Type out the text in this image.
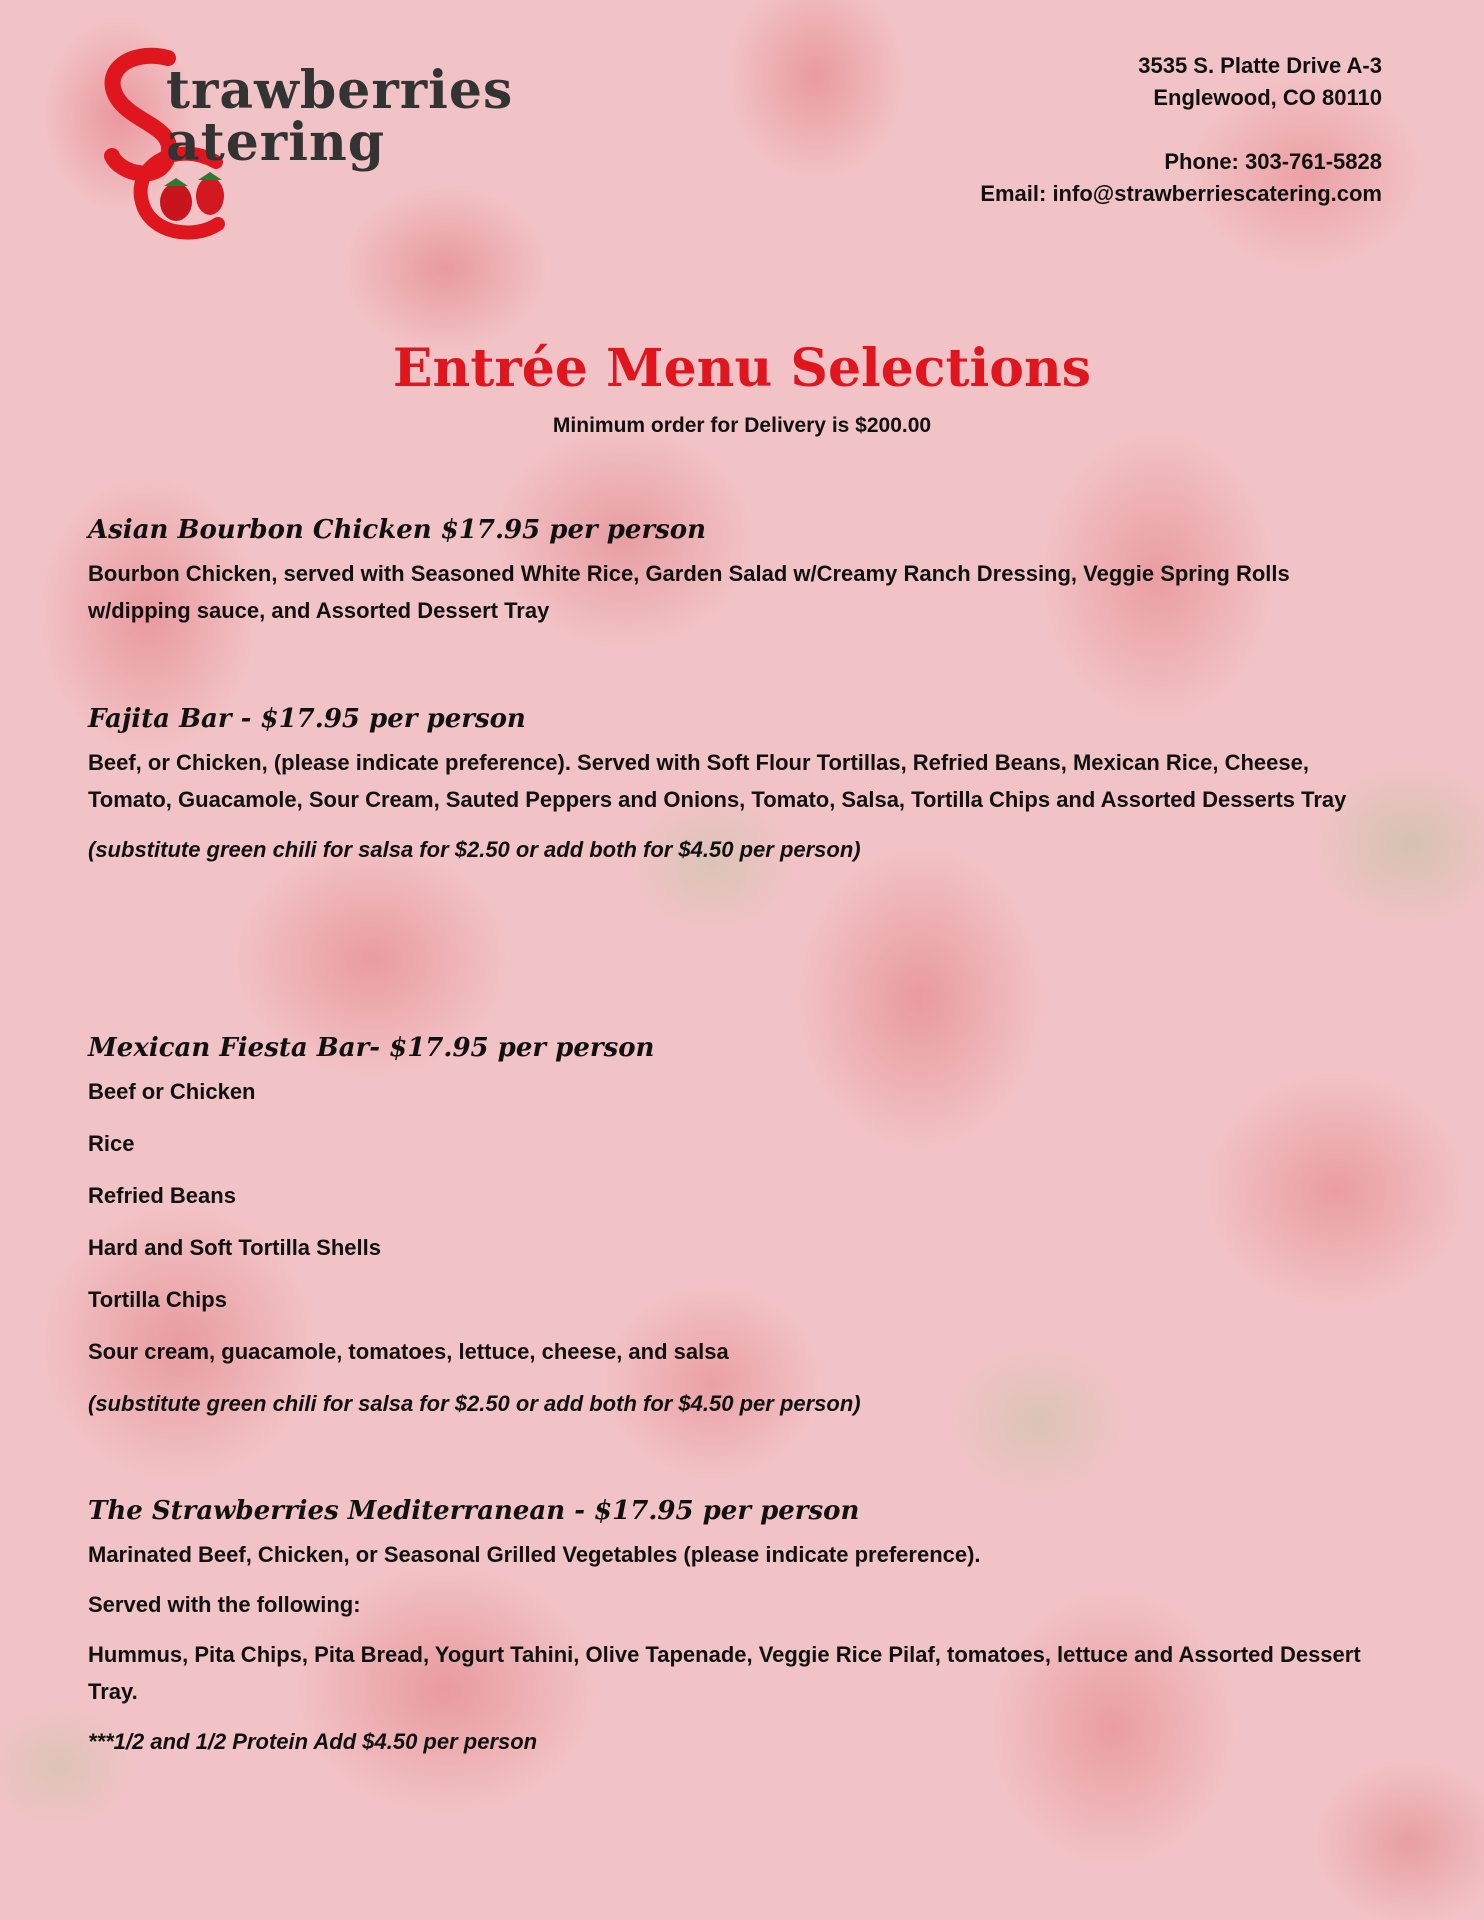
trawberries
atering
3535 S. Platte Drive A-3
Englewood, CO 80110
Phone: 303-761-5828
Email: info@strawberriescatering.com
Entrée Menu Selections
Minimum order for Delivery is $200.00
Asian Bourbon Chicken $17.95 per person

Bourbon Chicken, served with Seasoned White Rice, Garden Salad w/Creamy Ranch Dressing, Veggie Spring Rolls w/dipping sauce, and Assorted Dessert Tray

Fajita Bar - $17.95 per person

Beef, or Chicken, (please indicate preference). Served with Soft Flour Tortillas, Refried Beans, Mexican Rice, Cheese, Tomato, Guacamole, Sour Cream, Sauted Peppers and Onions, Tomato, Salsa, Tortilla Chips and Assorted Desserts Tray

(substitute green chili for salsa for $2.50 or add both for $4.50 per person)
Mexican Fiesta Bar- $17.95 per person
Beef or Chicken
Rice
Refried Beans
Hard and Soft Tortilla Shells
Tortilla Chips
Sour cream, guacamole, tomatoes, lettuce, cheese, and salsa
(substitute green chili for salsa for $2.50 or add both for $4.50 per person)
The Strawberries Mediterranean - $17.95 per person

Marinated Beef, Chicken, or Seasonal Grilled Vegetables (please indicate preference).

Served with the following:

Hummus, Pita Chips, Pita Bread, Yogurt Tahini, Olive Tapenade, Veggie Rice Pilaf, tomatoes, lettuce and Assorted Dessert Tray.

***1/2 and 1/2 Protein Add $4.50 per person
